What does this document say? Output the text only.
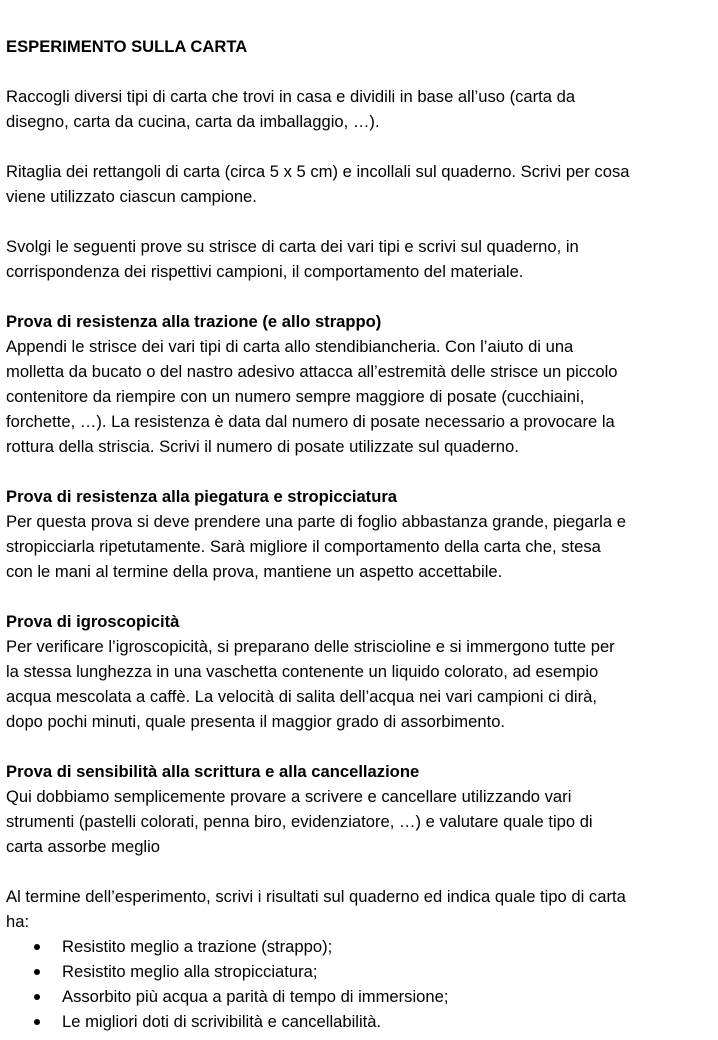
ESPERIMENTO SULLA CARTA
Raccogli diversi tipi di carta che trovi in casa e dividili in base all’uso (carta da
disegno, carta da cucina, carta da imballaggio, …).
Ritaglia dei rettangoli di carta (circa 5 x 5 cm) e incollali sul quaderno. Scrivi per cosa
viene utilizzato ciascun campione.
Svolgi le seguenti prove su strisce di carta dei vari tipi e scrivi sul quaderno, in
corrispondenza dei rispettivi campioni, il comportamento del materiale.
Prova di resistenza alla trazione (e allo strappo)
Appendi le strisce dei vari tipi di carta allo stendibiancheria. Con l’aiuto di una
molletta da bucato o del nastro adesivo attacca all’estremità delle strisce un piccolo
contenitore da riempire con un numero sempre maggiore di posate (cucchiaini,
forchette, …). La resistenza è data dal numero di posate necessario a provocare la
rottura della striscia. Scrivi il numero di posate utilizzate sul quaderno.
Prova di resistenza alla piegatura e stropicciatura
Per questa prova si deve prendere una parte di foglio abbastanza grande, piegarla e
stropicciarla ripetutamente. Sarà migliore il comportamento della carta che, stesa
con le mani al termine della prova, mantiene un aspetto accettabile.
Prova di igroscopicità
Per verificare l’igroscopicità, si preparano delle striscioline e si immergono tutte per
la stessa lunghezza in una vaschetta contenente un liquido colorato, ad esempio
acqua mescolata a caffè. La velocità di salita dell’acqua nei vari campioni ci dirà,
dopo pochi minuti, quale presenta il maggior grado di assorbimento.
Prova di sensibilità alla scrittura e alla cancellazione
Qui dobbiamo semplicemente provare a scrivere e cancellare utilizzando vari
strumenti (pastelli colorati, penna biro, evidenziatore, …) e valutare quale tipo di
carta assorbe meglio
Al termine dell’esperimento, scrivi i risultati sul quaderno ed indica quale tipo di carta
ha:
Resistito meglio a trazione (strappo);
Resistito meglio alla stropicciatura;
Assorbito più acqua a parità di tempo di immersione;
Le migliori doti di scrivibilità e cancellabilità.
